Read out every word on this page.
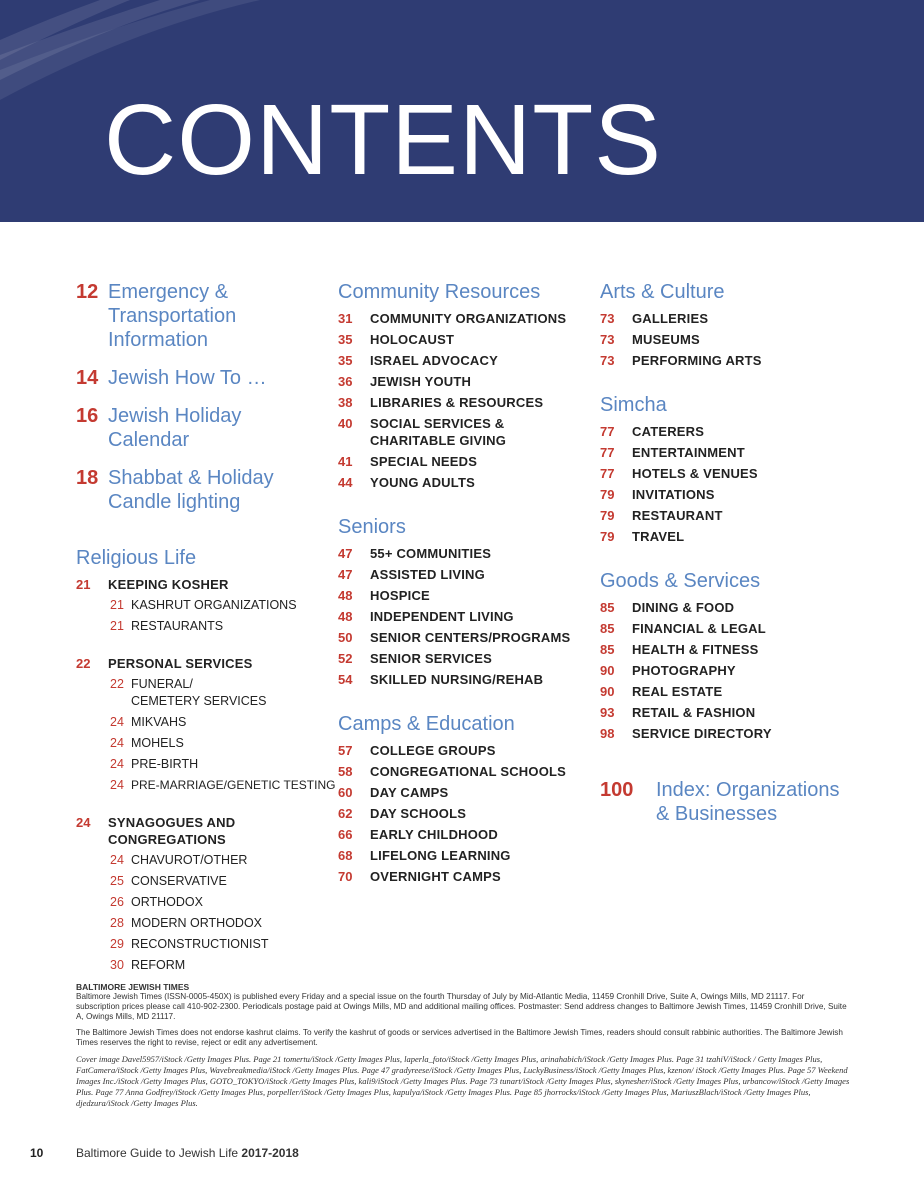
CONTENTS
12 Emergency &
Transportation
Information
14 Jewish How To …
16 Jewish Holiday
Calendar
18 Shabbat & Holiday
Candle lighting
Religious Life
21	KEEPING KOSHER
21 KASHRUT ORGANIZATIONS
21 RESTAURANTS
22	PERSONAL SERVICES
22 FUNERAL/
CEMETERY SERVICES
24 MIKVAHS
24 MOHELS
24 PRE-BIRTH
24 PRE-MARRIAGE/GENETIC TESTING
24	SYNAGOGUES AND
CONGREGATIONS
24 CHAVUROT/OTHER
25 CONSERVATIVE
26 ORTHODOX
28 MODERN ORTHODOX
29 RECONSTRUCTIONIST
30 REFORM
Community Resources
31	COMMUNITY ORGANIZATIONS
35	HOLOCAUST
35	ISRAEL ADVOCACY
36	JEWISH YOUTH
38	LIBRARIES & RESOURCES
40	SOCIAL SERVICES &
CHARITABLE GIVING
41	SPECIAL NEEDS
44	YOUNG ADULTS
Seniors
47	55+ COMMUNITIES
47	ASSISTED LIVING
48	HOSPICE
48	INDEPENDENT LIVING
50	SENIOR CENTERS/PROGRAMS
52	SENIOR SERVICES
54	SKILLED NURSING/REHAB
Camps & Education
57	COLLEGE GROUPS
58	CONGREGATIONAL SCHOOLS
60	DAY CAMPS
62	DAY SCHOOLS
66	EARLY CHILDHOOD
68	LIFELONG LEARNING
70	OVERNIGHT CAMPS
Arts & Culture
73	GALLERIES
73	MUSEUMS
73	PERFORMING ARTS
Simcha
77	CATERERS
77	ENTERTAINMENT
77	HOTELS & VENUES
79	INVITATIONS
79	RESTAURANT
79	TRAVEL
Goods & Services
85	DINING & FOOD
85	FINANCIAL & LEGAL
85	HEALTH & FITNESS
90	PHOTOGRAPHY
90	REAL ESTATE
93	RETAIL & FASHION
98	SERVICE DIRECTORY
100	Index: Organizations
& Businesses
BALTIMORE JEWISH TIMES

Baltimore Jewish Times (ISSN-0005-450X) is published every Friday and a special issue on the fourth Thursday of July by Mid-Atlantic Media, 11459 Cronhill Drive, Suite A, Owings Mills, MD 21117. For subscription prices please call 410-902-2300. Periodicals postage paid at Owings Mills, MD and additional mailing offices. Postmaster: Send address changes to Baltimore Jewish Times, 11459 Cronhill Drive, Suite A, Owings Mills, MD 21117.

The Baltimore Jewish Times does not endorse kashrut claims. To verify the kashrut of goods or services advertised in the Baltimore Jewish Times, readers should consult rabbinic authorities. The Baltimore Jewish Times reserves the right to revise, reject or edit any advertisement.

Cover image Davel5957/iStock /Getty Images Plus. Page 21 tomertu/iStock /Getty Images Plus, laperla_foto/iStock /Getty Images Plus, arinahabich/iStock /Getty Images Plus. Page 31 tzahiV/iStock / Getty Images Plus, FatCamera/iStock /Getty Images Plus, Wavebreakmedia/iStock /Getty Images Plus. Page 47 gradyreese/iStock /Getty Images Plus, LuckyBusiness/iStock /Getty Images Plus, kzenon/ iStock /Getty Images Plus. Page 57 Weekend Images Inc./iStock /Getty Images Plus, GOTO_TOKYO/iStock /Getty Images Plus, kali9/iStock /Getty Images Plus. Page 73 tunart/iStock /Getty Images Plus, skynesher/iStock /Getty Images Plus, urbancow/iStock /Getty Images Plus. Page 77 Anna Godfrey/iStock /Getty Images Plus, porpeller/iStock /Getty Images Plus, kapulya/iStock /Getty Images Plus. Page 85 jhorrocks/iStock /Getty Images Plus, MariuszBlach/iStock /Getty Images Plus, djedzura/iStock /Getty Images Plus.

10	Baltimore Guide to Jewish Life 2017-2018
